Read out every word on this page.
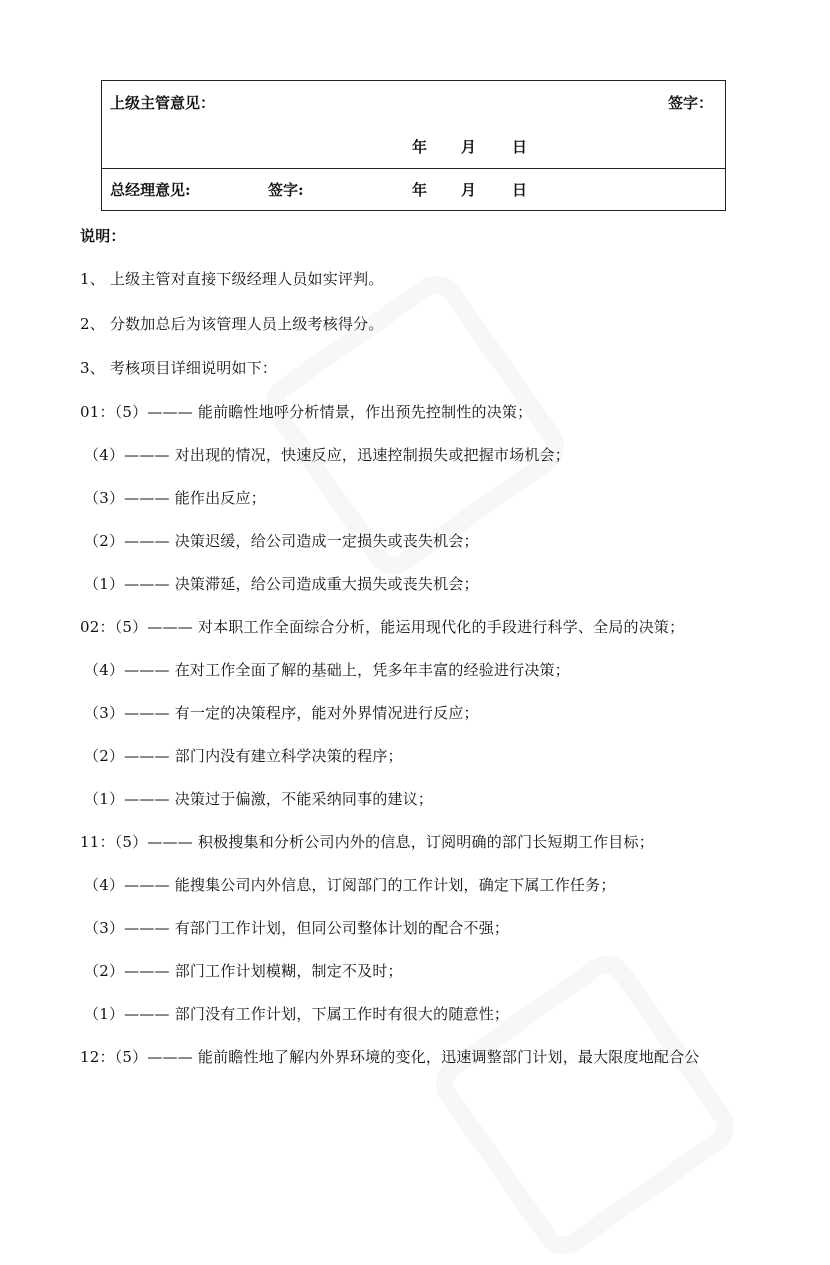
上级主管意见：	签字：
年 月 日
总经理意见:	签字:	年 月 日
说明：
1、 上级主管对直接下级经理人员如实评判。
2、 分数加总后为该管理人员上级考核得分。
3、 考核项目详细说明如下：
01：（5）——— 能前瞻性地呼分析情景，作出预先控制性的决策；
（4）——— 对出现的情况，快速反应，迅速控制损失或把握市场机会；
（3）——— 能作出反应；
（2）——— 决策迟缓，给公司造成一定损失或丧失机会；
（1）——— 决策滞延，给公司造成重大损失或丧失机会；
02：（5）——— 对本职工作全面综合分析，能运用现代化的手段进行科学、全局的决策；
（4）——— 在对工作全面了解的基础上，凭多年丰富的经验进行决策；
（3）——— 有一定的决策程序，能对外界情况进行反应；
（2）——— 部门内没有建立科学决策的程序；
（1）——— 决策过于偏激，不能采纳同事的建议；
11：（5）——— 积极搜集和分析公司内外的信息，订阅明确的部门长短期工作目标；
（4）——— 能搜集公司内外信息，订阅部门的工作计划，确定下属工作任务；
（3）——— 有部门工作计划，但同公司整体计划的配合不强；
（2）——— 部门工作计划模糊，制定不及时；
（1）——— 部门没有工作计划，下属工作时有很大的随意性；
12：（5）——— 能前瞻性地了解内外界环境的变化，迅速调整部门计划，最大限度地配合公
